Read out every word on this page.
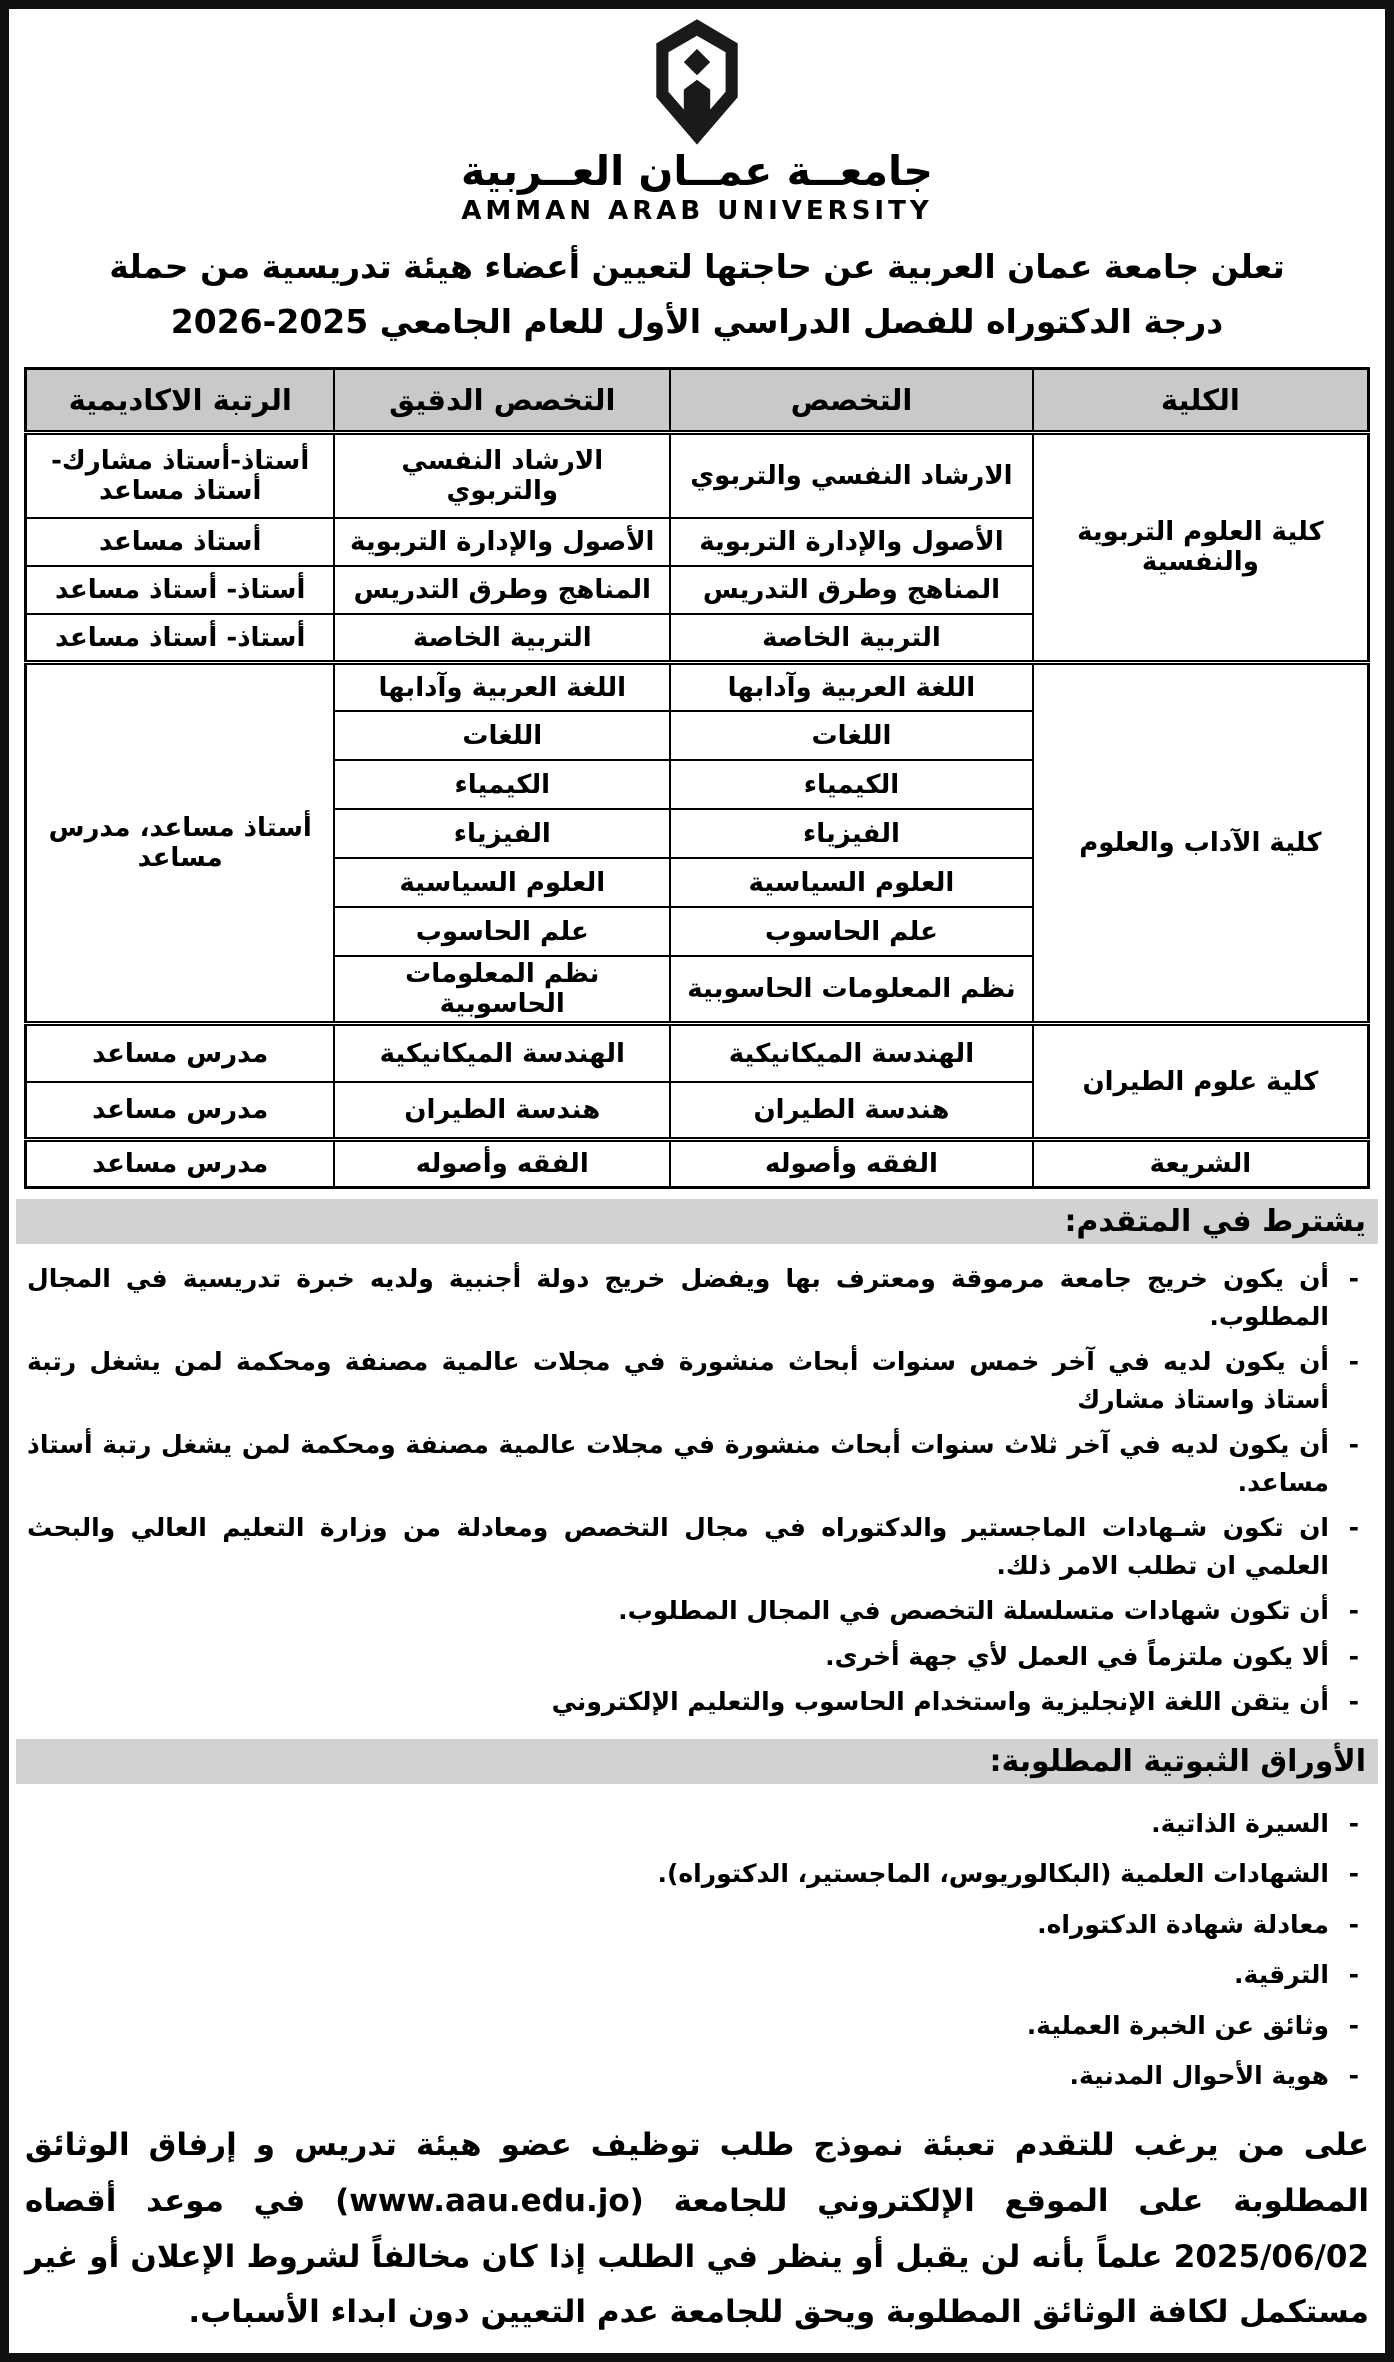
جامعــة عمــان العــربية
AMMAN ARAB UNIVERSITY
تعلن جامعة عمان العربية عن حاجتها لتعيين أعضاء هيئة تدريسية من حملة درجة الدكتوراه للفصل الدراسي الأول للعام الجامعي 2025-2026
الكلية	التخصص	التخصص الدقيق	الرتبة الاكاديمية
كلية العلوم التربوية والنفسية	الارشاد النفسي والتربوي	الارشاد النفسي والتربوي	أستاذ-أستاذ مشارك- أستاذ مساعد
	الأصول والإدارة التربوية	الأصول والإدارة التربوية	أستاذ مساعد
	المناهج وطرق التدريس	المناهج وطرق التدريس	أستاذ- أستاذ مساعد
	التربية الخاصة	التربية الخاصة	أستاذ- أستاذ مساعد
كلية الآداب والعلوم	اللغة العربية وآدابها	اللغة العربية وآدابها	أستاذ مساعد، مدرس مساعد
	اللغات	اللغات	
	الكيمياء	الكيمياء	
	الفيزياء	الفيزياء	
	العلوم السياسية	العلوم السياسية	
	علم الحاسوب	علم الحاسوب	
	نظم المعلومات الحاسوبية	نظم المعلومات الحاسوبية	
كلية علوم الطيران	الهندسة الميكانيكية	الهندسة الميكانيكية	مدرس مساعد
	هندسة الطيران	هندسة الطيران	مدرس مساعد
الشريعة	الفقه وأصوله	الفقه وأصوله	مدرس مساعد
يشترط في المتقدم:
- أن يكون خريج جامعة مرموقة ومعترف بها ويفضل خريج دولة أجنبية ولديه خبرة تدريسية في المجال المطلوب.
- أن يكون لديه في آخر خمس سنوات أبحاث منشورة في مجلات عالمية مصنفة ومحكمة لمن يشغل رتبة أستاذ واستاذ مشارك
- أن يكون لديه في آخر ثلاث سنوات أبحاث منشورة في مجلات عالمية مصنفة ومحكمة لمن يشغل رتبة أستاذ مساعد.
- ان تكون شـهادات الماجستير والدكتوراه في مجال التخصص ومعادلة من وزارة التعليم العالي والبحث العلمي ان تطلب الامر ذلك.
- أن تكون شهادات متسلسلة التخصص في المجال المطلوب.
- ألا يكون ملتزماً في العمل لأي جهة أخرى.
- أن يتقن اللغة الإنجليزية واستخدام الحاسوب والتعليم الإلكتروني
الأوراق الثبوتية المطلوبة:
- السيرة الذاتية.
- الشهادات العلمية (البكالوريوس، الماجستير، الدكتوراه).
- معادلة شهادة الدكتوراه.
- الترقية.
- وثائق عن الخبرة العملية.
- هوية الأحوال المدنية.

على من يرغب للتقدم تعبئة نموذج طلب توظيف عضو هيئة تدريس و إرفاق الوثائق المطلوبة على الموقع الإلكتروني للجامعة (www.aau.edu.jo) في موعد أقصاه 2025/06/02 علماً بأنه لن يقبل أو ينظر في الطلب إذا كان مخالفاً لشروط الإعلان أو غير مستكمل لكافة الوثائق المطلوبة ويحق للجامعة عدم التعيين دون ابداء الأسباب.
